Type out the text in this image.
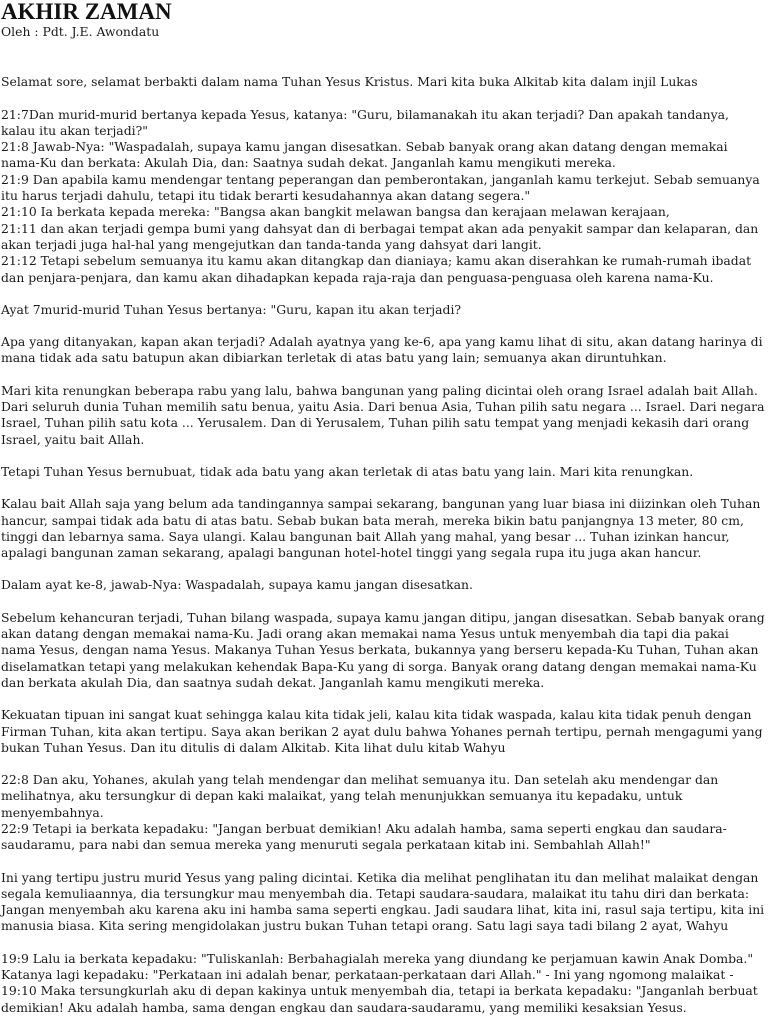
AKHIR ZAMAN
Oleh : Pdt. J.E. Awondatu

Selamat sore, selamat berbakti dalam nama Tuhan Yesus Kristus. Mari kita buka Alkitab kita dalam injil Lukas

21:7Dan murid-murid bertanya kepada Yesus, katanya: "Guru, bilamanakah itu akan terjadi? Dan apakah tandanya, kalau itu akan terjadi?"
21:8 Jawab-Nya: "Waspadalah, supaya kamu jangan disesatkan. Sebab banyak orang akan datang dengan memakai nama-Ku dan berkata: Akulah Dia, dan: Saatnya sudah dekat. Janganlah kamu mengikuti mereka.
21:9 Dan apabila kamu mendengar tentang peperangan dan pemberontakan, janganlah kamu terkejut. Sebab semuanya itu harus terjadi dahulu, tetapi itu tidak berarti kesudahannya akan datang segera."
21:10 Ia berkata kepada mereka: "Bangsa akan bangkit melawan bangsa dan kerajaan melawan kerajaan,
21:11 dan akan terjadi gempa bumi yang dahsyat dan di berbagai tempat akan ada penyakit sampar dan kelaparan, dan akan terjadi juga hal-hal yang mengejutkan dan tanda-tanda yang dahsyat dari langit.
21:12 Tetapi sebelum semuanya itu kamu akan ditangkap dan dianiaya; kamu akan diserahkan ke rumah-rumah ibadat dan penjara-penjara, dan kamu akan dihadapkan kepada raja-raja dan penguasa-penguasa oleh karena nama-Ku.

Ayat 7murid-murid Tuhan Yesus bertanya: "Guru, kapan itu akan terjadi?

Apa yang ditanyakan, kapan akan terjadi? Adalah ayatnya yang ke-6, apa yang kamu lihat di situ, akan datang harinya di mana tidak ada satu batupun akan dibiarkan terletak di atas batu yang lain; semuanya akan diruntuhkan.

Mari kita renungkan beberapa rabu yang lalu, bahwa bangunan yang paling dicintai oleh orang Israel adalah bait Allah. Dari seluruh dunia Tuhan memilih satu benua, yaitu Asia. Dari benua Asia, Tuhan pilih satu negara ... Israel. Dari negara Israel, Tuhan pilih satu kota ... Yerusalem. Dan di Yerusalem, Tuhan pilih satu tempat yang menjadi kekasih dari orang Israel, yaitu bait Allah.

Tetapi Tuhan Yesus bernubuat, tidak ada batu yang akan terletak di atas batu yang lain. Mari kita renungkan.

Kalau bait Allah saja yang belum ada tandingannya sampai sekarang, bangunan yang luar biasa ini diizinkan oleh Tuhan hancur, sampai tidak ada batu di atas batu. Sebab bukan bata merah, mereka bikin batu panjangnya 13 meter, 80 cm, tinggi dan lebarnya sama. Saya ulangi. Kalau bangunan bait Allah yang mahal, yang besar ... Tuhan izinkan hancur, apalagi bangunan zaman sekarang, apalagi bangunan hotel-hotel tinggi yang segala rupa itu juga akan hancur.

Dalam ayat ke-8, jawab-Nya: Waspadalah, supaya kamu jangan disesatkan.

Sebelum kehancuran terjadi, Tuhan bilang waspada, supaya kamu jangan ditipu, jangan disesatkan. Sebab banyak orang akan datang dengan memakai nama-Ku. Jadi orang akan memakai nama Yesus untuk menyembah dia tapi dia pakai nama Yesus, dengan nama Yesus. Makanya Tuhan Yesus berkata, bukannya yang berseru kepada-Ku Tuhan, Tuhan akan diselamatkan tetapi yang melakukan kehendak Bapa-Ku yang di sorga. Banyak orang datang dengan memakai nama-Ku dan berkata akulah Dia, dan saatnya sudah dekat. Janganlah kamu mengikuti mereka.

Kekuatan tipuan ini sangat kuat sehingga kalau kita tidak jeli, kalau kita tidak waspada, kalau kita tidak penuh dengan Firman Tuhan, kita akan tertipu. Saya akan berikan 2 ayat dulu bahwa Yohanes pernah tertipu, pernah mengagumi yang bukan Tuhan Yesus. Dan itu ditulis di dalam Alkitab. Kita lihat dulu kitab Wahyu

22:8 Dan aku, Yohanes, akulah yang telah mendengar dan melihat semuanya itu. Dan setelah aku mendengar dan melihatnya, aku tersungkur di depan kaki malaikat, yang telah menunjukkan semuanya itu kepadaku, untuk menyembahnya.
22:9 Tetapi ia berkata kepadaku: "Jangan berbuat demikian! Aku adalah hamba, sama seperti engkau dan saudara-saudaramu, para nabi dan semua mereka yang menuruti segala perkataan kitab ini. Sembahlah Allah!"

Ini yang tertipu justru murid Yesus yang paling dicintai. Ketika dia melihat penglihatan itu dan melihat malaikat dengan segala kemuliaannya, dia tersungkur mau menyembah dia. Tetapi saudara-saudara, malaikat itu tahu diri dan berkata: Jangan menyembah aku karena aku ini hamba sama seperti engkau. Jadi saudara lihat, kita ini, rasul saja tertipu, kita ini manusia biasa. Kita sering mengidolakan justru bukan Tuhan tetapi orang. Satu lagi saya tadi bilang 2 ayat, Wahyu

19:9 Lalu ia berkata kepadaku: "Tuliskanlah: Berbahagialah mereka yang diundang ke perjamuan kawin Anak Domba." Katanya lagi kepadaku: "Perkataan ini adalah benar, perkataan-perkataan dari Allah." - Ini yang ngomong malaikat -
19:10 Maka tersungkurlah aku di depan kakinya untuk menyembah dia, tetapi ia berkata kepadaku: "Janganlah berbuat demikian! Aku adalah hamba, sama dengan engkau dan saudara-saudaramu, yang memiliki kesaksian Yesus.
